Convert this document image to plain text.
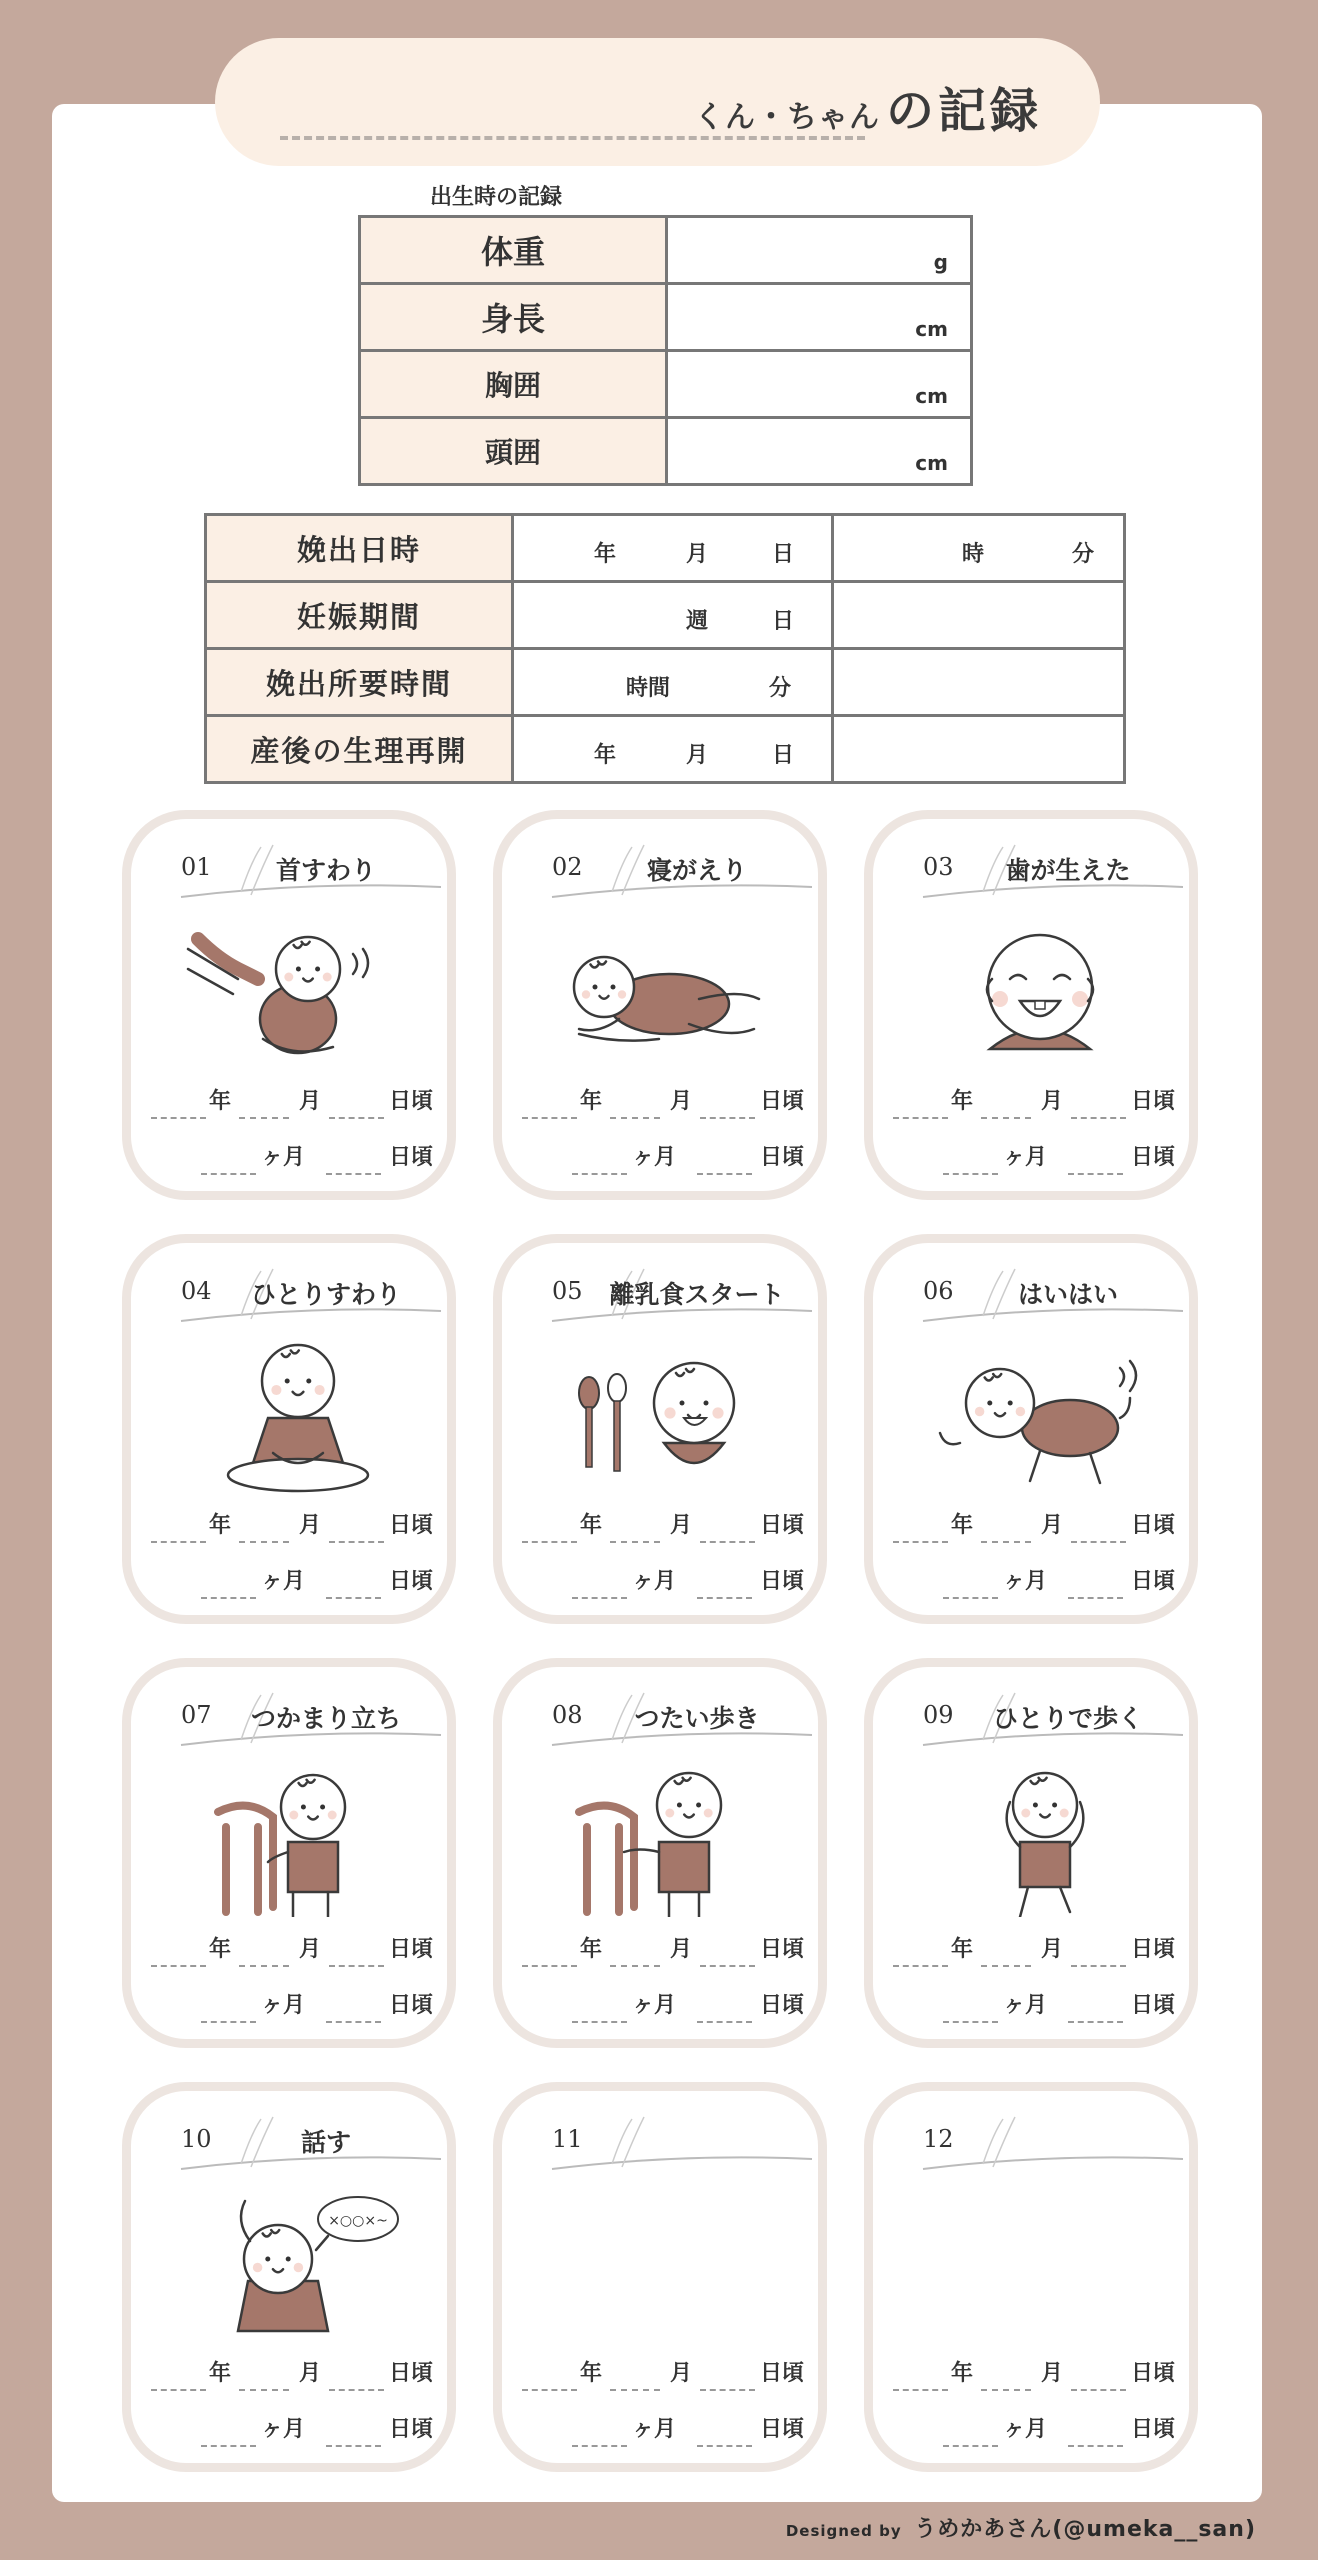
くん・ちゃん の記録
出生時の記録
体重	g

身長	cm

胸囲	cm

頭囲	cm
娩出日時	年 月 日	時 分

妊娠期間	週 日	

娩出所要時間	時間 分	

産後の生理再開	年 月 日	

01	首すわり
年	月	日頃
ヶ月	日頃
02	寝がえり
年	月	日頃
ヶ月	日頃
03	歯が生えた
年	月	日頃
ヶ月	日頃
04	ひとりすわり
年	月	日頃
ヶ月	日頃
05	離乳食スタート
年	月	日頃
ヶ月	日頃
06	はいはい
年	月	日頃
ヶ月	日頃
07	つかまり立ち
年	月	日頃
ヶ月	日頃
08	つたい歩き
年	月	日頃
ヶ月	日頃
09	ひとりで歩く
年	月	日頃
ヶ月	日頃
10	話す
×○○×~
年	月	日頃
ヶ月	日頃
11
年	月	日頃
ヶ月	日頃
12
年	月	日頃
ヶ月	日頃
Designed by うめかあさん(@umeka__san)
